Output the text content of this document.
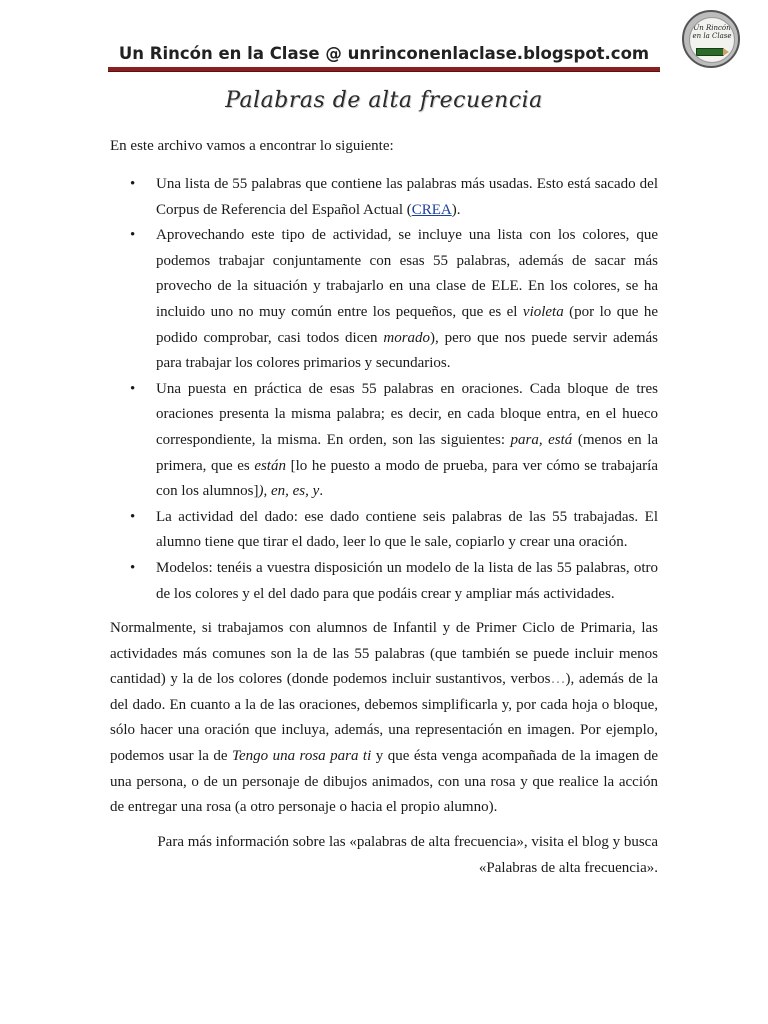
Un Rincón en la Clase @ unrinconenlaclase.blogspot.com
Un Rincón en la Clase
Palabras de alta frecuencia
En este archivo vamos a encontrar lo siguiente:
• Una lista de 55 palabras que contiene las palabras más usadas. Esto está sacado del Corpus de Referencia del Español Actual (CREA).
• Aprovechando este tipo de actividad, se incluye una lista con los colores, que podemos trabajar conjuntamente con esas 55 palabras, además de sacar más provecho de la situación y trabajarlo en una clase de ELE. En los colores, se ha incluido uno no muy común entre los pequeños, que es el violeta (por lo que he podido comprobar, casi todos dicen morado), pero que nos puede servir además para trabajar los colores primarios y secundarios.
• Una puesta en práctica de esas 55 palabras en oraciones. Cada bloque de tres oraciones presenta la misma palabra; es decir, en cada bloque entra, en el hueco correspondiente, la misma. En orden, son las siguientes: para, está (menos en la primera, que es están [lo he puesto a modo de prueba, para ver cómo se trabajaría con los alumnos]), en, es, y.
• La actividad del dado: ese dado contiene seis palabras de las 55 trabajadas. El alumno tiene que tirar el dado, leer lo que le sale, copiarlo y crear una oración.
• Modelos: tenéis a vuestra disposición un modelo de la lista de las 55 palabras, otro de los colores y el del dado para que podáis crear y ampliar más actividades.

Normalmente, si trabajamos con alumnos de Infantil y de Primer Ciclo de Primaria, las actividades más comunes son la de las 55 palabras (que también se puede incluir menos cantidad) y la de los colores (donde podemos incluir sustantivos, verbos…), además de la del dado. En cuanto a la de las oraciones, debemos simplificarla y, por cada hoja o bloque, sólo hacer una oración que incluya, además, una representación en imagen. Por ejemplo, podemos usar la de Tengo una rosa para ti y que ésta venga acompañada de la imagen de una persona, o de un personaje de dibujos animados, con una rosa y que realice la acción de entregar una rosa (a otro personaje o hacia el propio alumno).

Para más información sobre las «palabras de alta frecuencia», visita el blog y busca
«Palabras de alta frecuencia».
